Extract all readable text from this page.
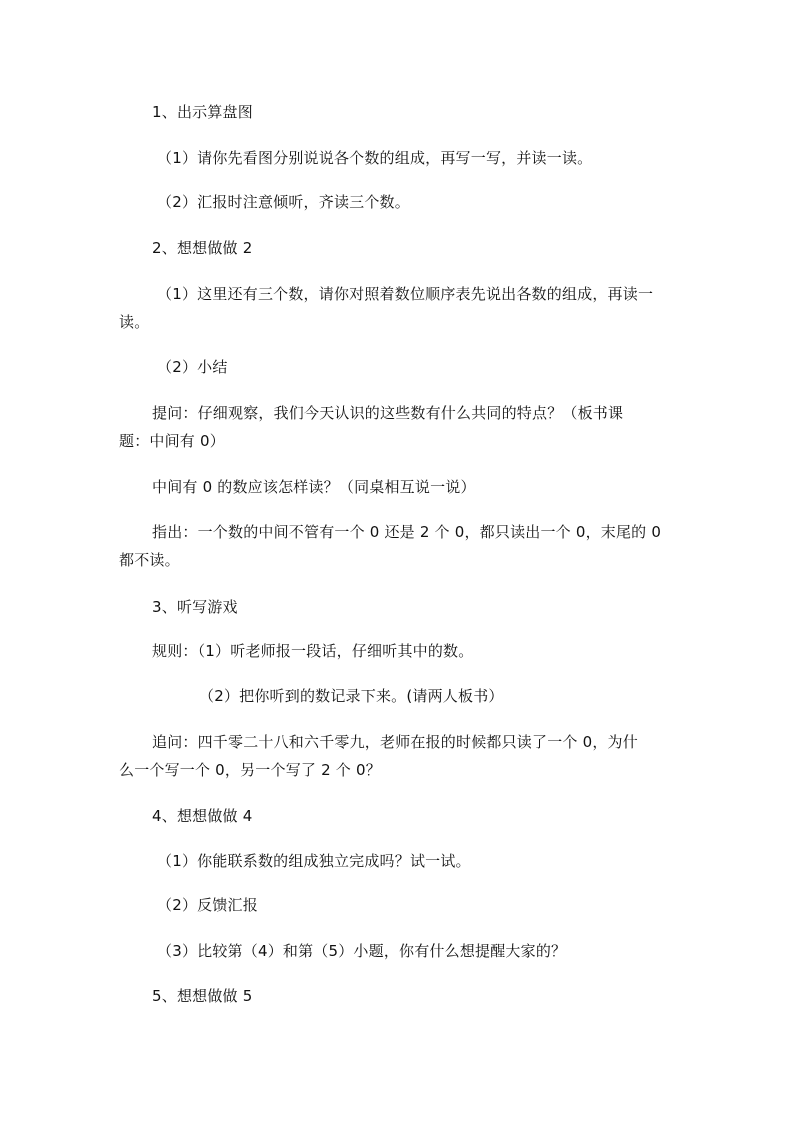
1、出示算盘图
（1）请你先看图分别说说各个数的组成，再写一写，并读一读。
（2）汇报时注意倾听，齐读三个数。
2、想想做做 2
（1）这里还有三个数，请你对照着数位顺序表先说出各数的组成，再读一
读。
（2）小结
提问：仔细观察，我们今天认识的这些数有什么共同的特点？（板书课
题：中间有 0）
中间有 0 的数应该怎样读？（同桌相互说一说）
指出：一个数的中间不管有一个 0 还是 2 个 0，都只读出一个 0，末尾的 0
都不读。
3、听写游戏
规则：（1）听老师报一段话，仔细听其中的数。
（2）把你听到的数记录下来。(请两人板书）
追问：四千零二十八和六千零九，老师在报的时候都只读了一个 0，为什
么一个写一个 0，另一个写了 2 个 0？
4、想想做做 4
（1）你能联系数的组成独立完成吗？试一试。
（2）反馈汇报
（3）比较第（4）和第（5）小题，你有什么想提醒大家的？
5、想想做做 5
